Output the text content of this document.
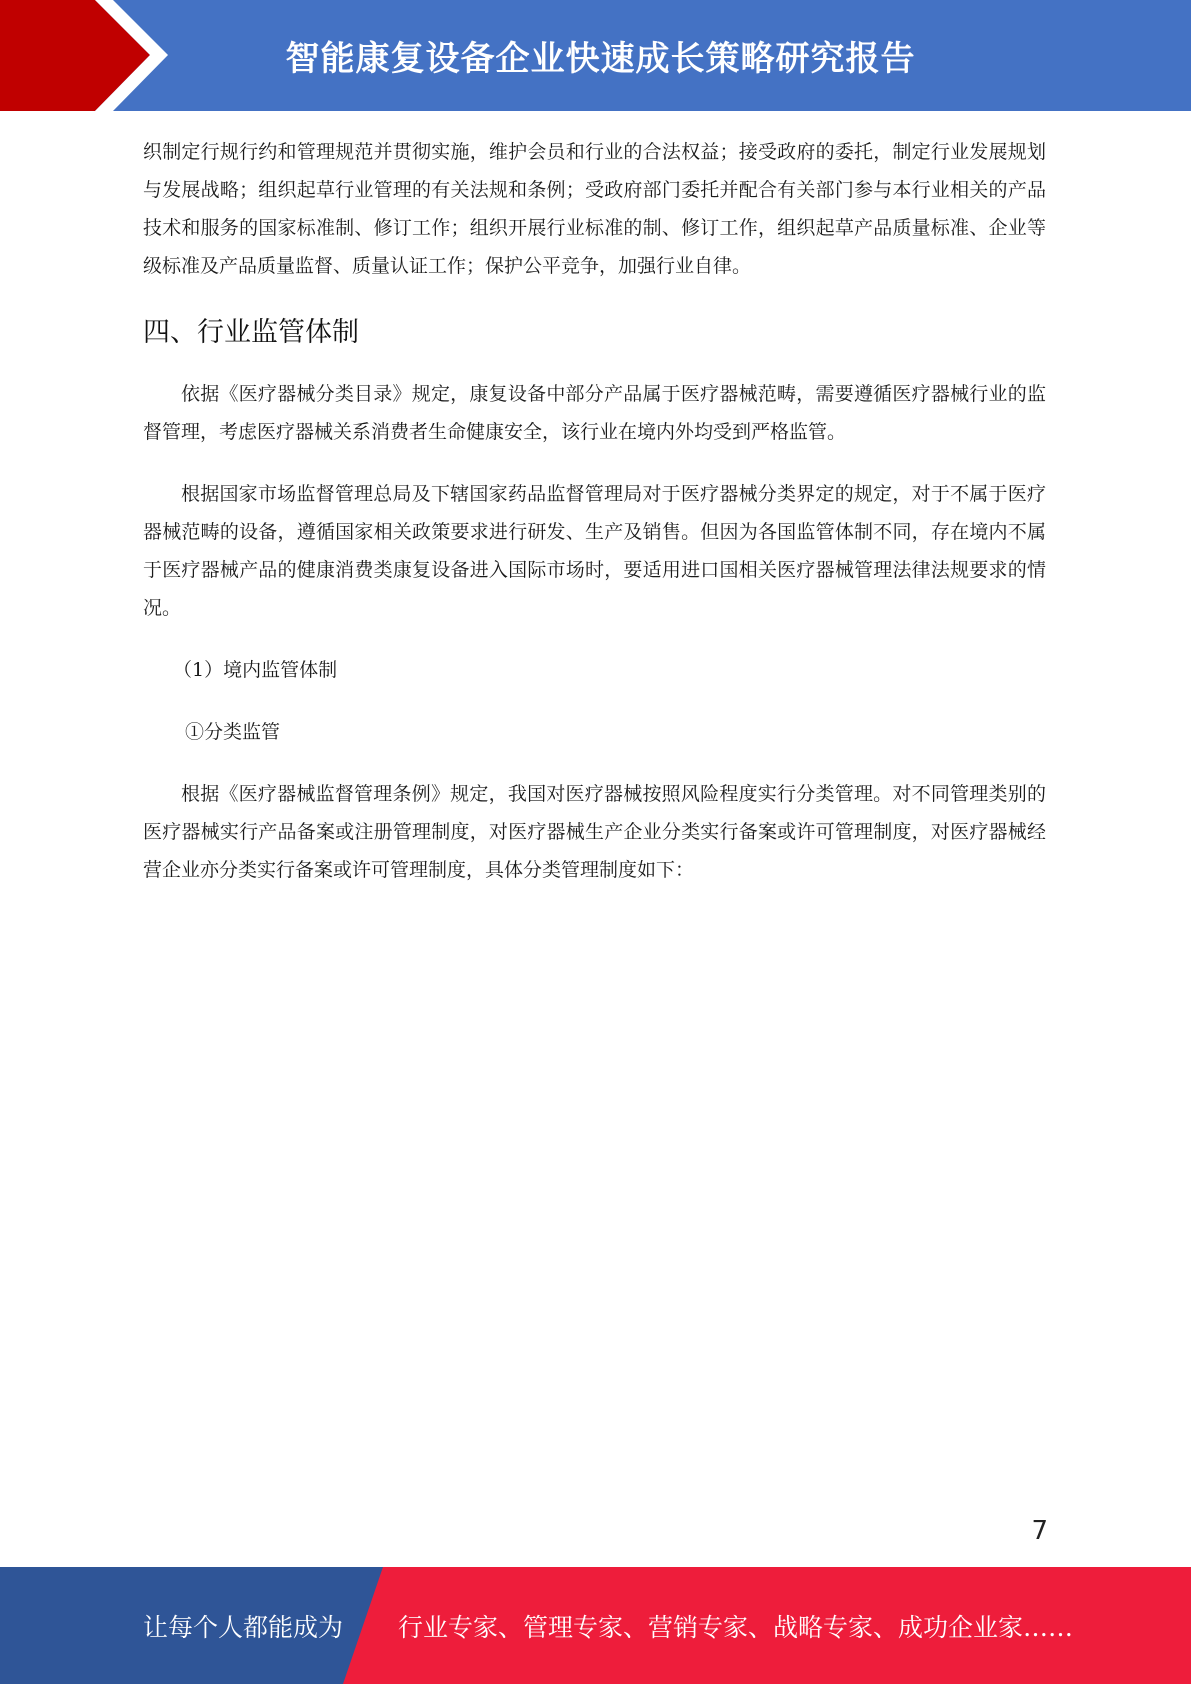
智能康复设备企业快速成长策略研究报告

织制定行规行约和管理规范并贯彻实施，维护会员和行业的合法权益；接受政府的委托，制定行业发展规划与发展战略；组织起草行业管理的有关法规和条例；受政府部门委托并配合有关部门参与本行业相关的产品技术和服务的国家标准制、修订工作；组织开展行业标准的制、修订工作，组织起草产品质量标准、企业等级标准及产品质量监督、质量认证工作；保护公平竞争，加强行业自律。

四、行业监管体制

依据《医疗器械分类目录》规定，康复设备中部分产品属于医疗器械范畴，需要遵循医疗器械行业的监督管理，考虑医疗器械关系消费者生命健康安全，该行业在境内外均受到严格监管。

根据国家市场监督管理总局及下辖国家药品监督管理局对于医疗器械分类界定的规定，对于不属于医疗器械范畴的设备，遵循国家相关政策要求进行研发、生产及销售。但因为各国监管体制不同，存在境内不属于医疗器械产品的健康消费类康复设备进入国际市场时，要适用进口国相关医疗器械管理法律法规要求的情况。

（1）境内监管体制

①分类监管

根据《医疗器械监督管理条例》规定，我国对医疗器械按照风险程度实行分类管理。对不同管理类别的医疗器械实行产品备案或注册管理制度，对医疗器械生产企业分类实行备案或许可管理制度，对医疗器械经营企业亦分类实行备案或许可管理制度，具体分类管理制度如下：

7
让每个人都能成为 行业专家、管理专家、营销专家、战略专家、成功企业家……
